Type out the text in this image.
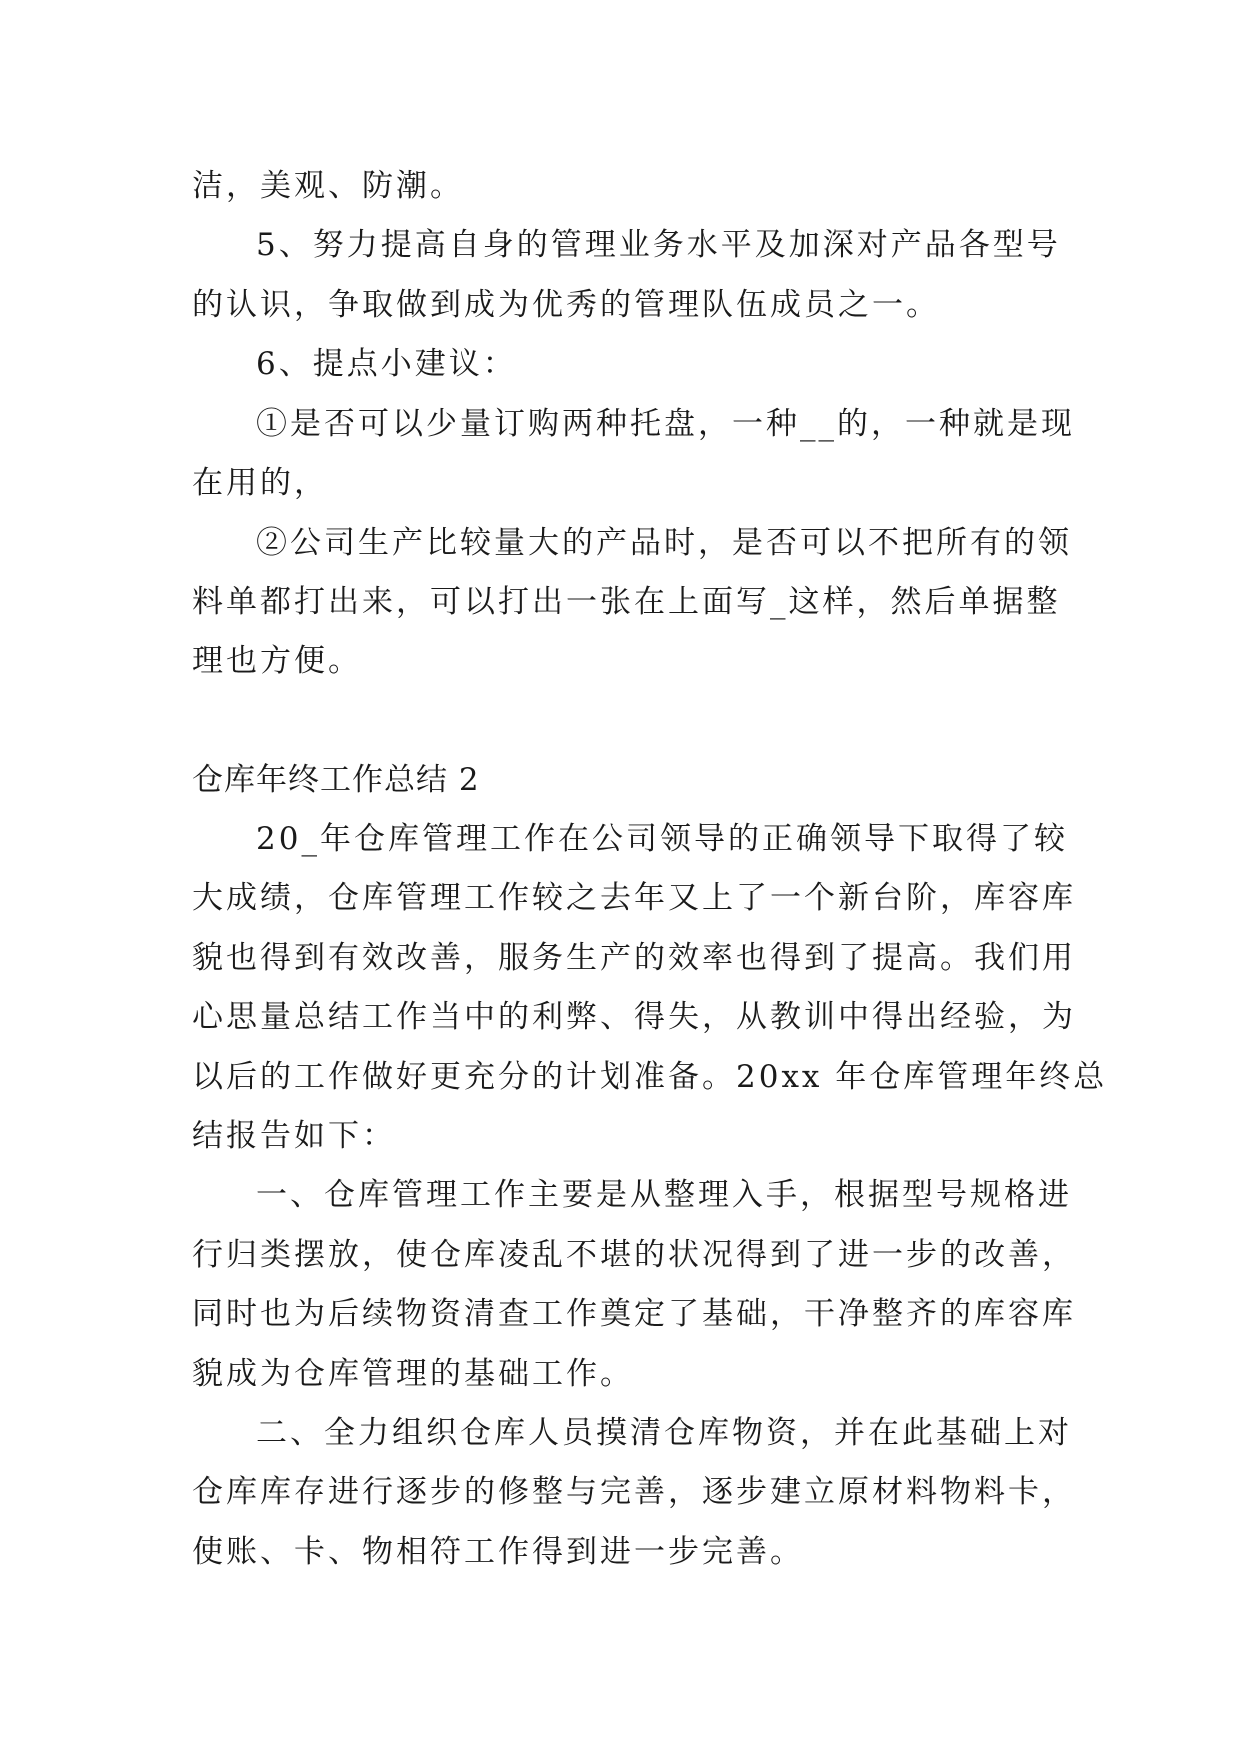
洁，美观、防潮。
5、努力提高自身的管理业务水平及加深对产品各型号
的认识，争取做到成为优秀的管理队伍成员之一。
6、提点小建议：
①是否可以少量订购两种托盘，一种__的，一种就是现
在用的，
②公司生产比较量大的产品时，是否可以不把所有的领
料单都打出来，可以打出一张在上面写_这样，然后单据整
理也方便。
仓库年终工作总结 2
20_年仓库管理工作在公司领导的正确领导下取得了较
大成绩，仓库管理工作较之去年又上了一个新台阶，库容库
貌也得到有效改善，服务生产的效率也得到了提高。我们用
心思量总结工作当中的利弊、得失，从教训中得出经验，为
以后的工作做好更充分的计划准备。20xx 年仓库管理年终总
结报告如下：
一、仓库管理工作主要是从整理入手，根据型号规格进
行归类摆放，使仓库凌乱不堪的状况得到了进一步的改善，
同时也为后续物资清查工作奠定了基础，干净整齐的库容库
貌成为仓库管理的基础工作。
二、全力组织仓库人员摸清仓库物资，并在此基础上对
仓库库存进行逐步的修整与完善，逐步建立原材料物料卡，
使账、卡、物相符工作得到进一步完善。
